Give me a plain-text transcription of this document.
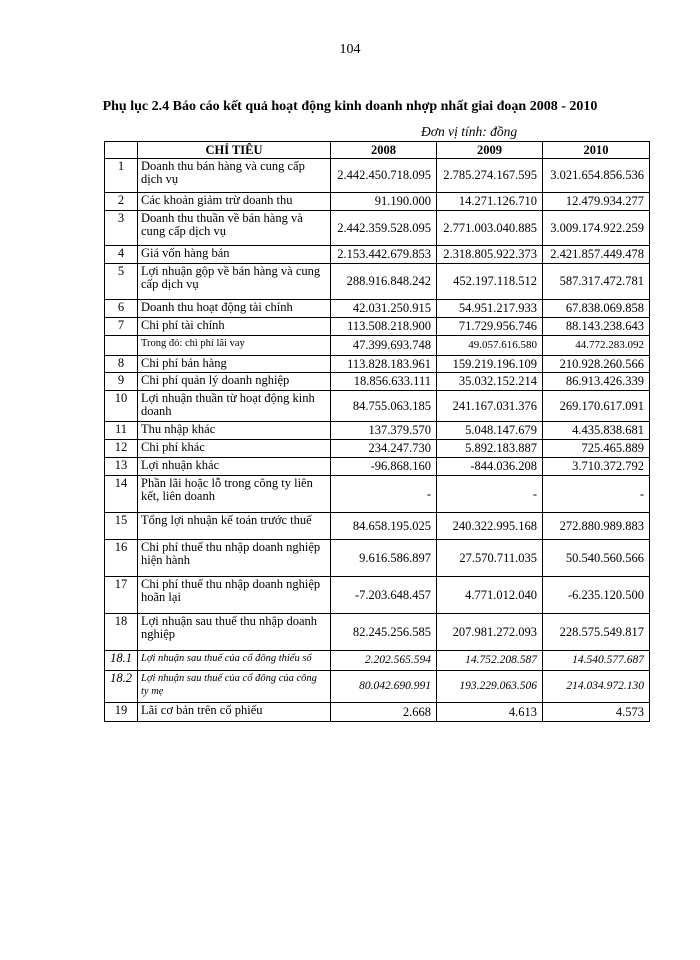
104
Phụ lục 2.4 Báo cáo kết quả hoạt động kinh doanh nhợp nhất giai đoạn 2008 - 2010
Đơn vị tính: đồng
	CHỈ TIÊU	2008	2009	2010
1	Doanh thu bán hàng và cung cấp dịch vụ	2.442.450.718.095	2.785.274.167.595	3.021.654.856.536
2	Các khoản giảm trừ doanh thu	91.190.000	14.271.126.710	12.479.934.277
3	Doanh thu thuần về bán hàng và cung cấp dịch vụ	2.442.359.528.095	2.771.003.040.885	3.009.174.922.259
4	Giá vốn hàng bán	2.153.442.679.853	2.318.805.922.373	2.421.857.449.478
5	Lợi nhuận gộp về bán hàng và cung cấp dịch vụ	288.916.848.242	452.197.118.512	587.317.472.781
6	Doanh thu hoạt động tài chính	42.031.250.915	54.951.217.933	67.838.069.858
7	Chi phí tài chính	113.508.218.900	71.729.956.746	88.143.238.643
	Trong đó: chi phí lãi vay	47.399.693.748	49.057.616.580	44.772.283.092
8	Chi phí bán hàng	113.828.183.961	159.219.196.109	210.928.260.566
9	Chi phí quản lý doanh nghiệp	18.856.633.111	35.032.152.214	86.913.426.339
10	Lợi nhuận thuần từ hoạt động kinh doanh	84.755.063.185	241.167.031.376	269.170.617.091
11	Thu nhập khác	137.379.570	5.048.147.679	4.435.838.681
12	Chi phí khác	234.247.730	5.892.183.887	725.465.889
13	Lợi nhuận khác	-96.868.160	-844.036.208	3.710.372.792
14	Phần lãi hoặc lỗ trong công ty liên kết, liên doanh	-	-	-
15	Tổng lợi nhuận kế toán trước thuế	84.658.195.025	240.322.995.168	272.880.989.883
16	Chi phí thuế thu nhập doanh nghiệp hiện hành	9.616.586.897	27.570.711.035	50.540.560.566
17	Chi phí thuế thu nhập doanh nghiệp hoãn lại	-7.203.648.457	4.771.012.040	-6.235.120.500
18	Lợi nhuận sau thuế thu nhập doanh nghiệp	82.245.256.585	207.981.272.093	228.575.549.817
18.1	Lợi nhuận sau thuế của cổ đông thiểu số	2.202.565.594	14.752.208.587	14.540.577.687
18.2	Lợi nhuận sau thuế của cổ đông của công ty mẹ	80.042.690.991	193.229.063.506	214.034.972.130
19	Lãi cơ bản trên cổ phiếu	2.668	4.613	4.573
